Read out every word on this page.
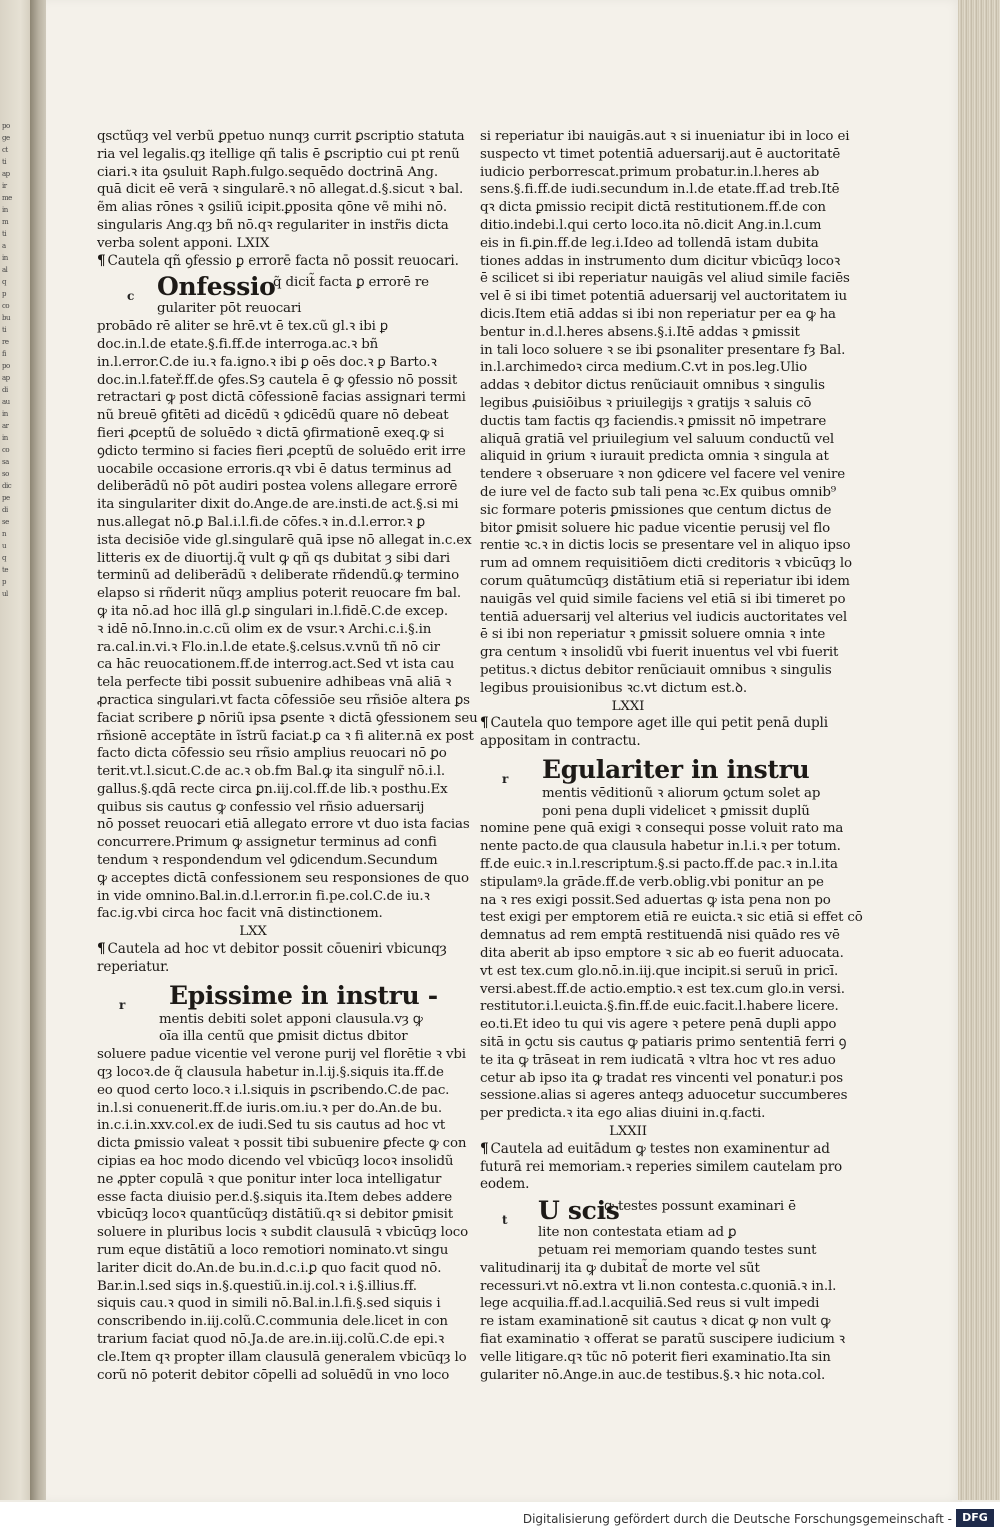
po
ge
ct
ti
ap
ir
me
in
m
ti
a
in
al
q
p
co
bu
ti
re
fi
po
ap
di
au
in
ar
in
co
sa
so
dic
pe
di
se
n
u
q
te
p
ul
qsctũqȝ vel verbũ ꝑpetuo nunqȝ currit ꝑscriptio statuta
ria vel legalis.qȝ itellige qñ talis ē ꝑscriptio cui pt renũ
ciari.ꝛ ita ꝯsuluit Raph.fulgo.sequēdo doctrinā Ang.
quā dicit eē verā ꝛ singularē.ꝛ nō allegat.d.§.sicut ꝛ bal.
ẽm alias rōnes ꝛ ꝯsiliũ icipit.ꝑposita qōne vẽ mihi nō.
singularis Ang.qȝ bñ nō.qꝛ regulariter in instr̃is dicta
verba solent apponi. LXIX
¶ Cautela qñ ꝯfessio ꝑ errorē facta nō possit reuocari.
Onfessio
c
q̃ dicit̃ facta ꝑ errorē re
gulariter pōt reuocari
probādo rē aliter se hrē.vt ē tex.cũ gl.ꝛ ibi ꝑ
doc.in.l.de etate.§.fi.ff.de interroga.ac.ꝛ bñ
in.l.error.C.de iu.ꝛ fa.igno.ꝛ ibi ꝑ oēs doc.ꝛ ꝑ Barto.ꝛ
doc.in.l.fateř.ff.de ꝯfes.Sȝ cautela ē ꝙ ꝯfessio nō possit
retractari ꝙ post dictā cōfessionē facias assignari termi
nũ breuē ꝯfitēti ad dicēdũ ꝛ ꝯdicēdũ quare nō debeat
fieri ꝓceptũ de soluēdo ꝛ dictā ꝯfirmationē exeq.ꝙ si
ꝯdicto termino si facies fieri ꝓceptũ de soluēdo erit irre
uocabile occasione erroris.qꝛ vbi ē datus terminus ad
deliberādũ nō pōt audiri postea volens allegare errorē
ita singulariter dixit do.Ange.de are.insti.de act.§.si mi
nus.allegat nō.ꝑ Bal.i.l.fi.de cōfes.ꝛ in.d.l.error.ꝛ ꝑ
ista decisiōe vide gl.singularē quā ipse nō allegat in.c.ex
litteris ex de diuortij.q̃ vult ꝙ qñ qs dubitat ȝ sibi dari
terminũ ad deliberādũ ꝛ deliberate rñdendũ.ꝙ termino
elapso si rñderit nũqȝ amplius poterit reuocare fm bal.
ꝙ ita nō.ad hoc illā gl.ꝑ singulari in.l.fidē.C.de excep.
ꝛ idē nō.Inno.in.c.cũ olim ex de vsur.ꝛ Archi.c.i.§.in
ra.cal.in.vi.ꝛ Flo.in.l.de etate.§.celsus.v.vnũ tñ nō cir
ca hāc reuocationem.ff.de interrog.act.Sed vt ista cau
tela perfecte tibi possit subuenire adhibeas vnā aliā ꝛ
ꝓractica singulari.vt facta cōfessiōe seu rñsiōe altera ꝑs
faciat scribere ꝑ nōriũ ipsa ꝑsente ꝛ dictā ꝯfessionem seu
rñsionē acceptāte in ĩstrũ faciat.ꝑ ca ꝛ fi aliter.nā ex post
facto dicta cōfessio seu rñsio amplius reuocari nō ꝑo
terit.vt.l.sicut.C.de ac.ꝛ ob.fm Bal.ꝙ ita singulr̃ nō.i.l.
gallus.§.qdā recte circa ꝑn.iij.col.ff.de lib.ꝛ posthu.Ex
quibus sis cautus ꝙ confessio vel rñsio aduersarij
nō posset reuocari etiā allegato errore vt duo ista facias
concurrere.Primum ꝙ assignetur terminus ad confi
tendum ꝛ respondendum vel ꝯdicendum.Secundum
ꝙ acceptes dictā confessionem seu responsiones de quo
in vide omnino.Bal.in.d.l.error.in fi.pe.col.C.de iu.ꝛ
fac.ig.vbi circa hoc facit vnā distinctionem.
LXX
¶ Cautela ad hoc vt debitor possit cōueniri vbicunqȝ
reperiatur.
Epissime in instru -
r
mentis debiti solet apponi clausula.vȝ ꝙ
oīa illa centũ que ꝑmisit dictus dbitor
soluere padue vicentie vel verone purij vel florētie ꝛ vbi
qȝ locoꝛ.de q̃ clausula habetur in.l.ij.§.siquis ita.ff.de
eo quod certo loco.ꝛ i.l.siquis in ꝑscribendo.C.de pac.
in.l.si conuenerit.ff.de iuris.om.iu.ꝛ per do.An.de bu.
in.c.i.in.xxv.col.ex de iudi.Sed tu sis cautus ad hoc vt
dicta ꝑmissio valeat ꝛ possit tibi subuenire ꝑfecte ꝙ con
cipias ea hoc modo dicendo vel vbicūqȝ locoꝛ insolidũ
ne ꝓpter copulā ꝛ que ponitur inter loca intelligatur
esse facta diuisio per.d.§.siquis ita.Item debes addere
vbicūqȝ locoꝛ quantũcũqȝ distātiũ.qꝛ si debitor ꝑmisit
soluere in pluribus locis ꝛ subdit clausulā ꝛ vbicūqȝ loco
rum eque distātiũ a loco remotiori nominato.vt singu
lariter dicit do.An.de bu.in.d.c.i.ꝑ quo facit quod nō.
Bar.in.l.sed siqs in.§.questiũ.in.ij.col.ꝛ i.§.illius.ff.
siquis cau.ꝛ quod in simili nō.Bal.in.l.fi.§.sed siquis i
conscribendo in.iij.colũ.C.communia dele.licet in con
trarium faciat quod nō.Ja.de are.in.iij.colũ.C.de epi.ꝛ
cle.Item qꝛ propter illam clausulā generalem vbicūqȝ lo
corũ nō poterit debitor cōpelli ad soluēdũ in vno loco
si reperiatur ibi nauigās.aut ꝛ si inueniatur ibi in loco ei
suspecto vt timet potentiā aduersarij.aut ē auctoritatē
iudicio perborrescat.primum probatur.in.l.heres ab
sens.§.fi.ff.de iudi.secundum in.l.de etate.ff.ad treb.Itē
qꝛ dicta ꝑmissio recipit dictā restitutionem.ff.de con
ditio.indebi.l.qui certo loco.ita nō.dicit Ang.in.l.cum
eis in fi.ꝑin.ff.de leg.i.Ideo ad tollendā istam dubita
tiones addas in instrumento dum dicitur vbicūqȝ locoꝛ
ē scilicet si ibi reperiatur nauigās vel aliud simile faciēs
vel ē si ibi timet potentiā aduersarij vel auctoritatem iu
dicis.Item etiā addas si ibi non reperiatur per ea ꝙ ha
bentur in.d.l.heres absens.§.i.Itē addas ꝛ ꝑmissit
in tali loco soluere ꝛ se ibi ꝑsonaliter presentare fȝ Bal.
in.l.archimedoꝛ circa medium.C.vt in pos.leg.Ulio
addas ꝛ debitor dictus renũciauit omnibus ꝛ singulis
legibus ꝓuisiōibus ꝛ priuilegijs ꝛ gratijs ꝛ saluis cō
ductis tam factis qȝ faciendis.ꝛ ꝑmissit nō impetrare
aliquā gratiā vel priuilegium vel saluum conductũ vel
aliquid in ꝯrium ꝛ iurauit predicta omnia ꝛ singula at
tendere ꝛ obseruare ꝛ non ꝯdicere vel facere vel venire
de iure vel de facto sub tali pena ꝛc.Ex quibus omnib⁹
sic formare poteris ꝑmissiones que centum dictus de
bitor ꝑmisit soluere hic padue vicentie perusij vel flo
rentie ꝛc.ꝛ in dictis locis se presentare vel in aliquo ipso
rum ad omnem requisitiōem dicti creditoris ꝛ vbicūqȝ lo
corum quātumcūqȝ distātium etiā si reperiatur ibi idem
nauigās vel quid simile faciens vel etiā si ibi timeret po
tentiā aduersarij vel alterius vel iudicis auctoritates vel
ē si ibi non reperiatur ꝛ ꝑmissit soluere omnia ꝛ inte
gra centum ꝛ insolidũ vbi fuerit inuentus vel vbi fuerit
petitus.ꝛ dictus debitor renũciauit omnibus ꝛ singulis
legibus prouisionibus ꝛc.vt dictum est.ꝺ.
LXXI
¶ Cautela quo tempore aget ille qui petit penā dupli
appositam in contractu.
Egulariter in instru
r
mentis vēditionũ ꝛ aliorum ꝯctum solet ap
poni pena dupli videlicet ꝛ ꝑmissit duplũ
nomine pene quā exigi ꝛ consequi posse voluit rato ma
nente pacto.de qua clausula habetur in.l.i.ꝛ per totum.
ff.de euic.ꝛ in.l.rescriptum.§.si pacto.ff.de pac.ꝛ in.l.ita
stipulamꝰ.la grāde.ff.de verb.oblig.vbi ponitur an pe
na ꝛ res exigi possit.Sed aduertas ꝙ ista pena non po
test exigi per emptorem etiā re euicta.ꝛ sic etiā si effet cō
demnatus ad rem emptā restituendā nisi quādo res vē
dita aberit ab ipso emptore ꝛ sic ab eo fuerit aduocata.
vt est tex.cum glo.nō.in.iij.que incipit.si seruũ in pricī.
versi.abest.ff.de actio.emptio.ꝛ est tex.cum glo.in versi.
restitutor.i.l.euicta.§.fin.ff.de euic.facit.l.habere licere.
eo.ti.Et ideo tu qui vis agere ꝛ petere penā dupli appo
sitā in ꝯctu sis cautus ꝙ patiaris primo sententiā ferri ꝯ
te ita ꝙ trāseat in rem iudicatā ꝛ vltra hoc vt res aduo
cetur ab ipso ita ꝙ tradat res vincenti vel ponatur.i pos
sessione.alias si ageres anteqȝ aduocetur succumberes
per predicta.ꝛ ita ego alias diuini in.q.facti.
LXXII
¶ Cautela ad euitādum ꝙ testes non examinentur ad
futurā rei memoriam.ꝛ reperies similem cautelam pro
eodem.
U scis
t
ꝙ testes possunt examinari ē
lite non contestata etiam ad ꝑ
petuam rei memoriam quando testes sunt
valitudinarij ita ꝙ dubitat̃ de morte vel sũt
recessuri.vt nō.extra vt li.non contesta.c.quoniā.ꝛ in.l.
lege acquilia.ff.ad.l.acquiliā.Sed reus si vult impedi
re istam examinationē sit cautus ꝛ dicat ꝙ non vult ꝙ
fiat examinatio ꝛ offerat se paratũ suscipere iudicium ꝛ
velle litigare.qꝛ tũc nō poterit fieri examinatio.Ita sin
gulariter nō.Ange.in auc.de testibus.§.ꝛ hic nota.col.
Digitalisierung gefördert durch die Deutsche Forschungsgemeinschaft - DFG
